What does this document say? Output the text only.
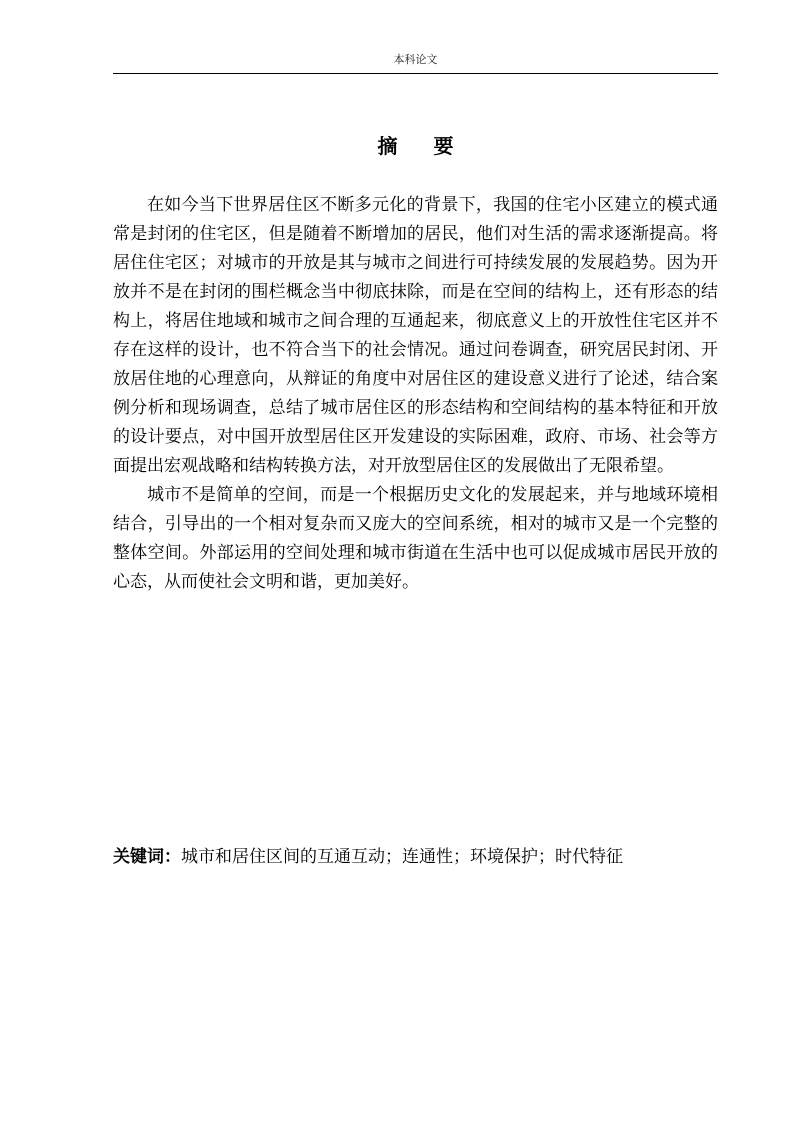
本科论文
摘要

在如今当下世界居住区不断多元化的背景下，我国的住宅小区建立的模式通常是封闭的住宅区，但是随着不断增加的居民，他们对生活的需求逐渐提高。将居住住宅区；对城市的开放是其与城市之间进行可持续发展的发展趋势。因为开放并不是在封闭的围栏概念当中彻底抹除，而是在空间的结构上，还有形态的结构上，将居住地域和城市之间合理的互通起来，彻底意义上的开放性住宅区并不存在这样的设计，也不符合当下的社会情况。通过问卷调查，研究居民封闭、开放居住地的心理意向，从辩证的角度中对居住区的建设意义进行了论述，结合案例分析和现场调查，总结了城市居住区的形态结构和空间结构的基本特征和开放的设计要点，对中国开放型居住区开发建设的实际困难，政府、市场、社会等方面提出宏观战略和结构转换方法，对开放型居住区的发展做出了无限希望。

城市不是简单的空间，而是一个根据历史文化的发展起来，并与地域环境相结合，引导出的一个相对复杂而又庞大的空间系统，相对的城市又是一个完整的整体空间。外部运用的空间处理和城市街道在生活中也可以促成城市居民开放的心态，从而使社会文明和谐，更加美好。

关键词：城市和居住区间的互通互动；连通性；环境保护；时代特征
